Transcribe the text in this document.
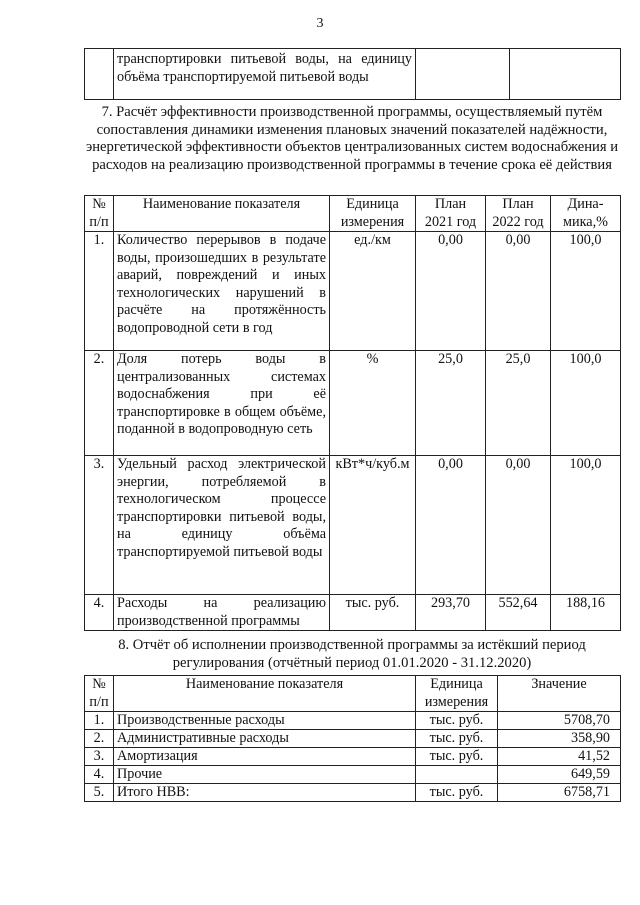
3
	транспортировки питьевой воды, на единицу объёма транспортируемой питьевой воды		
7. Расчёт эффективности производственной программы, осуществляемый путём сопоставления динамики изменения плановых значений показателей надёжности, энергетической эффективности объектов централизованных систем водоснабжения и расходов на реализацию производственной программы в течение срока её действия
№ п/п	Наименование показателя	Единица измерения	План 2021 год	План 2022 год	Дина-мика,%
1.	Количество перерывов в подаче воды, произошедших в результате аварий, повреждений и иных технологических нарушений в расчёте на протяжённость водопроводной сети в год	ед./км	0,00	0,00	100,0
2.	Доля потерь воды в централизованных системах водоснабжения при её транспортировке в общем объёме, поданной в водопроводную сеть	%	25,0	25,0	100,0
3.	Удельный расход электрической энергии, потребляемой в технологическом процессе транспортировки питьевой воды, на единицу объёма транспортируемой питьевой воды	кВт*ч/куб.м	0,00	0,00	100,0
4.	Расходы на реализацию производственной программы	тыс. руб.	293,70	552,64	188,16
8. Отчёт об исполнении производственной программы за истёкший период регулирования (отчётный период 01.01.2020 - 31.12.2020)
№ п/п	Наименование показателя	Единица измерения	Значение
1.	Производственные расходы	тыс. руб.	5708,70
2.	Административные расходы	тыс. руб.	358,90
3.	Амортизация	тыс. руб.	41,52
4.	Прочие		649,59
5.	Итого НВВ:	тыс. руб.	6758,71
